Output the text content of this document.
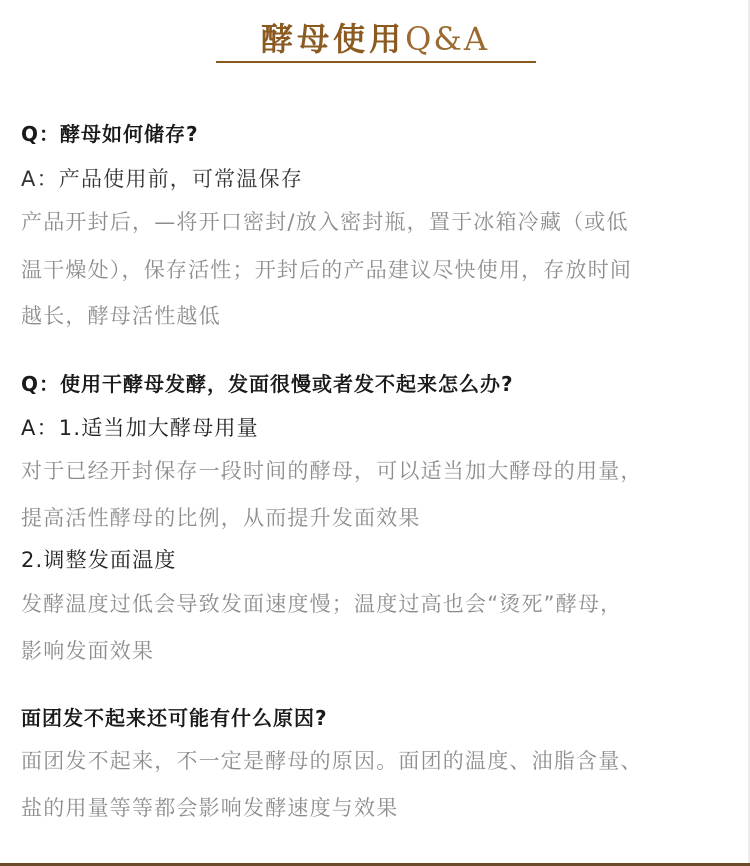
酵母使用Q&A
Q：酵母如何储存?
A：产品使用前，可常温保存
产品开封后，—将开口密封/放入密封瓶，置于冰箱冷藏（或低
温干燥处），保存活性；开封后的产品建议尽快使用，存放时间
越长，酵母活性越低
Q：使用干酵母发酵，发面很慢或者发不起来怎么办?
A：1.适当加大酵母用量
对于已经开封保存一段时间的酵母，可以适当加大酵母的用量，
提高活性酵母的比例，从而提升发面效果
2.调整发面温度
发酵温度过低会导致发面速度慢；温度过高也会“烫死”酵母，
影响发面效果
面团发不起来还可能有什么原因?
面团发不起来，不一定是酵母的原因。面团的温度、油脂含量、
盐的用量等等都会影响发酵速度与效果
